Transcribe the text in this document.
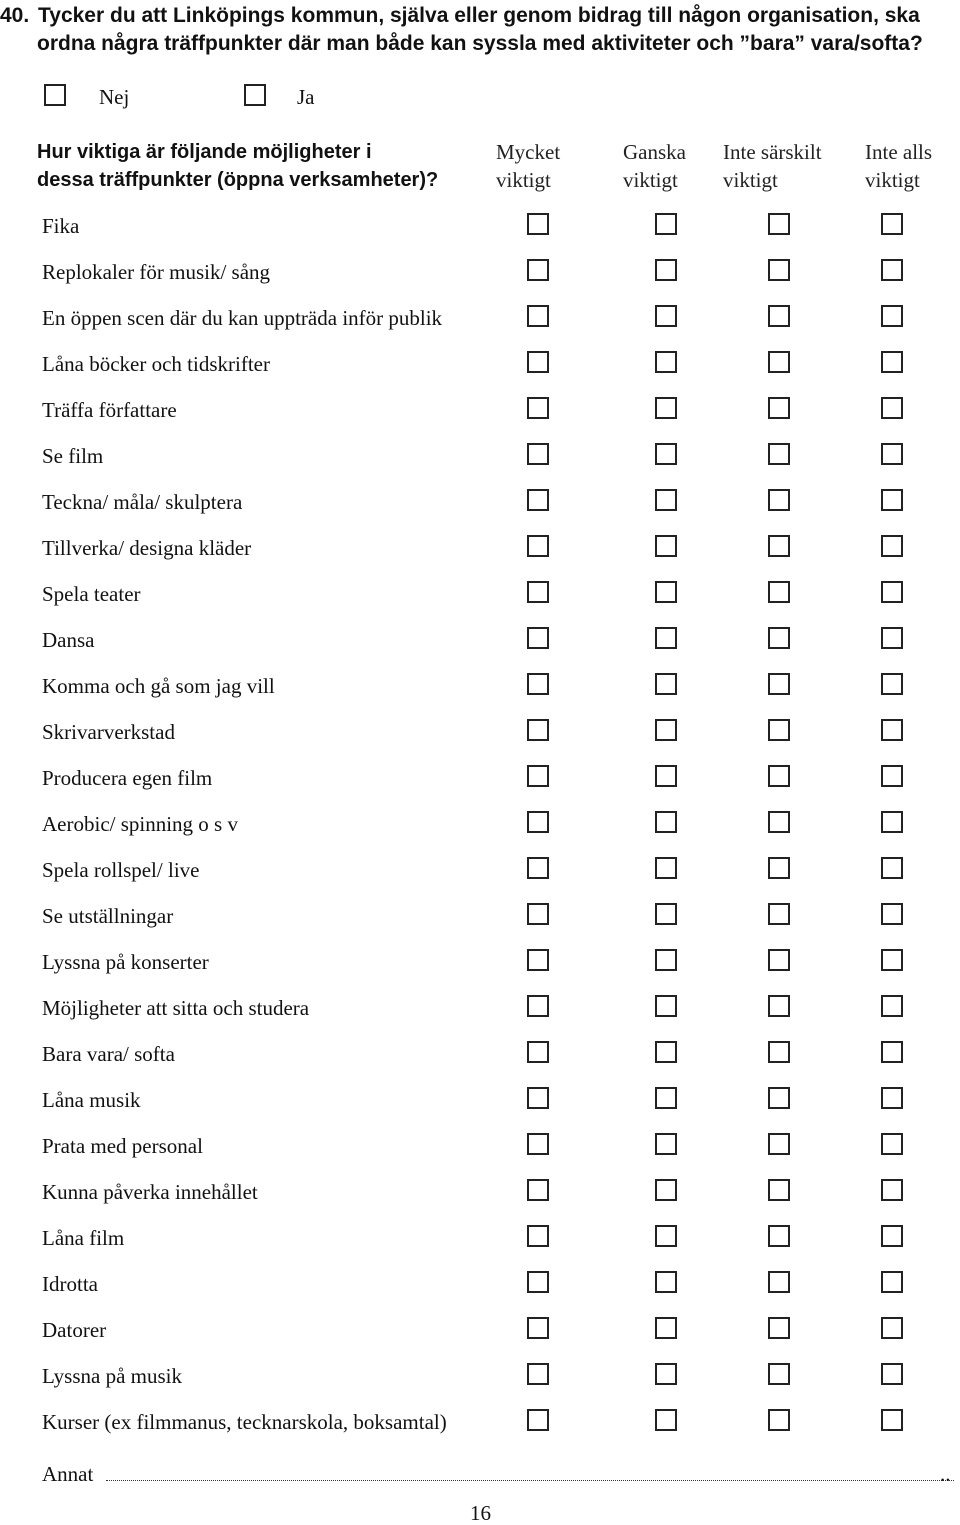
40. Tycker du att Linköpings kommun, själva eller genom bidrag till någon organisation, ska
ordna några träffpunkter där man både kan syssla med aktiviteter och ”bara” vara/softa?
Nej	Ja
Hur viktiga är följande möjligheter i
dessa träffpunkter (öppna verksamheter)?
Mycket
viktigt
Ganska
viktigt
Inte särskilt
viktigt
Inte alls
viktigt
Fika
Replokaler för musik/ sång
En öppen scen där du kan uppträda inför publik
Låna böcker och tidskrifter
Träffa författare
Se film
Teckna/ måla/ skulptera
Tillverka/ designa kläder
Spela teater
Dansa
Komma och gå som jag vill
Skrivarverkstad
Producera egen film
Aerobic/ spinning o s v
Spela rollspel/ live
Se utställningar
Lyssna på konserter
Möjligheter att sitta och studera
Bara vara/ softa
Låna musik
Prata med personal
Kunna påverka innehållet
Låna film
Idrotta
Datorer
Lyssna på musik
Kurser (ex filmmanus, tecknarskola, boksamtal)
Annat	..
16
